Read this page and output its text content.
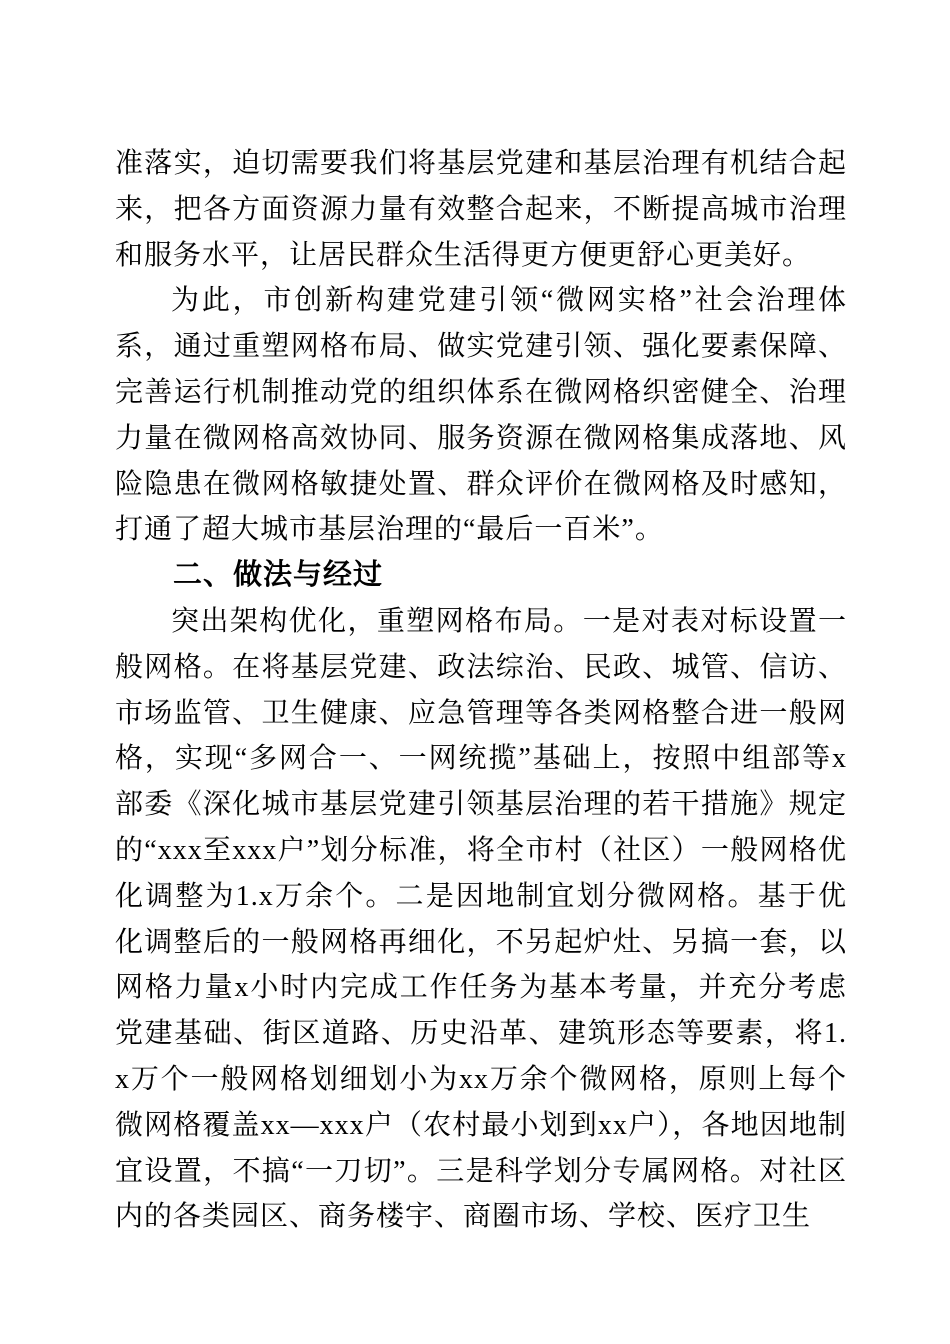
准落实，迫切需要我们将基层党建和基层治理有机结合起来，把各方面资源力量有效整合起来，不断提高城市治理和服务水平，让居民群众生活得更方便更舒心更美好。

为此，市创新构建党建引领“微网实格”社会治理体系，通过重塑网格布局、做实党建引领、强化要素保障、完善运行机制推动党的组织体系在微网格织密健全、治理力量在微网格高效协同、服务资源在微网格集成落地、风险隐患在微网格敏捷处置、群众评价在微网格及时感知，打通了超大城市基层治理的“最后一百米”。

二、做法与经过

突出架构优化，重塑网格布局。一是对表对标设置一般网格。在将基层党建、政法综治、民政、城管、信访、市场监管、卫生健康、应急管理等各类网格整合进一般网格，实现“多网合一、一网统揽”基础上，按照中组部等x部委《深化城市基层党建引领基层治理的若干措施》规定的“xxx至xxx户”划分标准，将全市村（社区）一般网格优化调整为1.x万余个。二是因地制宜划分微网格。基于优化调整后的一般网格再细化，不另起炉灶、另搞一套，以网格力量x小时内完成工作任务为基本考量，并充分考虑党建基础、街区道路、历史沿革、建筑形态等要素，将1.x万个一般网格划细划小为xx万余个微网格，原则上每个微网格覆盖xx—xxx户（农村最小划到xx户），各地因地制宜设置，不搞“一刀切”。三是科学划分专属网格。对社区内的各类园区、商务楼宇、商圈市场、学校、医疗卫生
